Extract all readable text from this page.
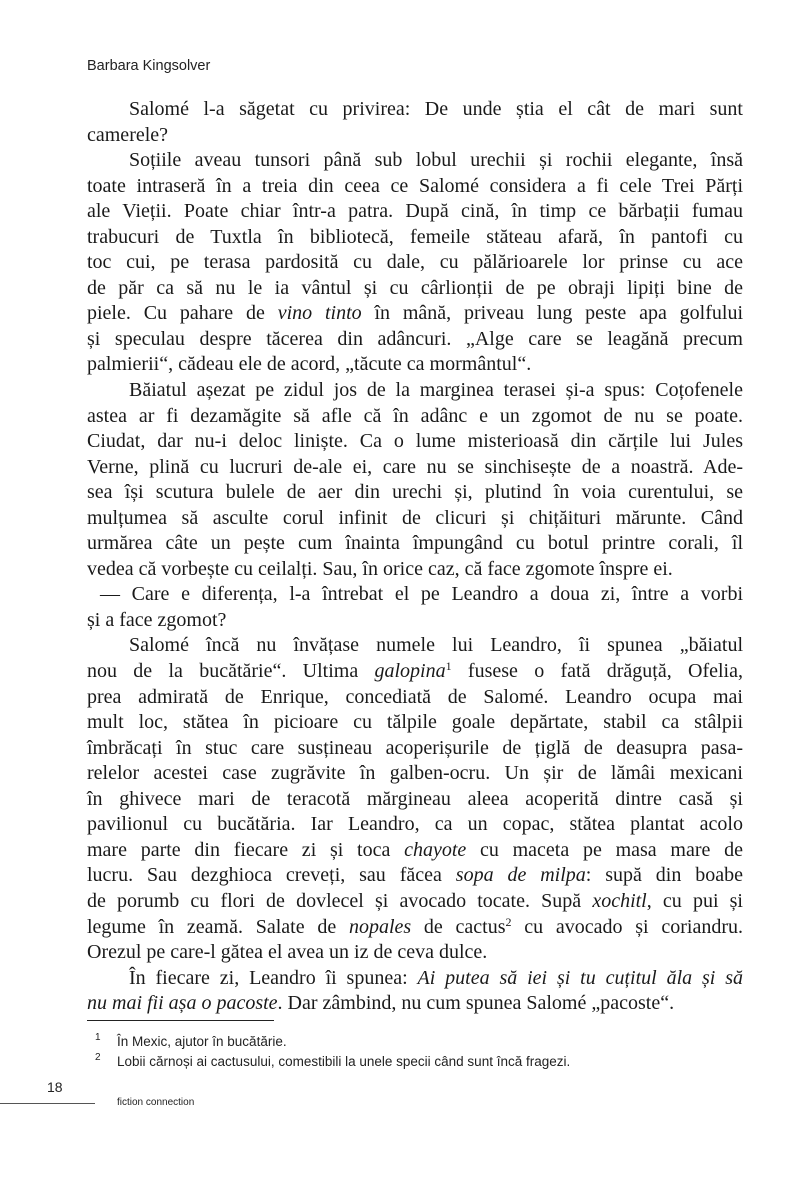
Barbara Kingsolver
Salomé l-a săgetat cu privirea: De unde știa el cât de mari sunt
camerele?
Soțiile aveau tunsori până sub lobul urechii și rochii elegante, însă
toate intraseră în a treia din ceea ce Salomé considera a fi cele Trei Părți
ale Vieții. Poate chiar într-a patra. După cină, în timp ce bărbații fumau
trabucuri de Tuxtla în bibliotecă, femeile stăteau afară, în pantofi cu
toc cui, pe terasa pardosită cu dale, cu pălărioarele lor prinse cu ace
de păr ca să nu le ia vântul și cu cârlionții de pe obraji lipiți bine de
piele. Cu pahare de vino tinto în mână, priveau lung peste apa golfului
și speculau despre tăcerea din adâncuri. „Alge care se leagănă precum
palmierii“, cădeau ele de acord, „tăcute ca mormântul“.
Băiatul așezat pe zidul jos de la marginea terasei și-a spus: Coțofenele
astea ar fi dezamăgite să afle că în adânc e un zgomot de nu se poate.
Ciudat, dar nu-i deloc liniște. Ca o lume misterioasă din cărțile lui Jules
Verne, plină cu lucruri de-ale ei, care nu se sinchisește de a noastră. Ade-
sea își scutura bulele de aer din urechi și, plutind în voia curentului, se
mulțumea să asculte corul infinit de clicuri și chițăituri mărunte. Când
urmărea câte un pește cum înainta împungând cu botul printre corali, îl
vedea că vorbește cu ceilalți. Sau, în orice caz, că face zgomote înspre ei.
— Care e diferența, l-a întrebat el pe Leandro a doua zi, între a vorbi
și a face zgomot?
Salomé încă nu învățase numele lui Leandro, îi spunea „băiatul
nou de la bucătărie“. Ultima galopina$^1$ fusese o fată drăguță, Ofelia,
prea admirată de Enrique, concediată de Salomé. Leandro ocupa mai
mult loc, stătea în picioare cu tălpile goale depărtate, stabil ca stâlpii
îmbrăcați în stuc care susțineau acoperișurile de țiglă de deasupra pasa-
relelor acestei case zugrăvite în galben-ocru. Un șir de lămâi mexicani
în ghivece mari de teracotă mărgineau aleea acoperită dintre casă și
pavilionul cu bucătăria. Iar Leandro, ca un copac, stătea plantat acolo
mare parte din fiecare zi și toca chayote cu maceta pe masa mare de
lucru. Sau dezghioca creveți, sau făcea sopa de milpa: supă din boabe
de porumb cu flori de dovlecel și avocado tocate. Supă xochitl, cu pui și
legume în zeamă. Salate de nopales de cactus$^2$ cu avocado și coriandru.
Orezul pe care-l gătea el avea un iz de ceva dulce.
În fiecare zi, Leandro îi spunea: Ai putea să iei și tu cuțitul ăla și să
nu mai fii așa o pacoste. Dar zâmbind, nu cum spunea Salomé „pacoste“.
1 În Mexic, ajutor în bucătărie.
2 Lobii cărnoși ai cactusului, comestibili la unele specii când sunt încă fragezi.
18
fiction connection
